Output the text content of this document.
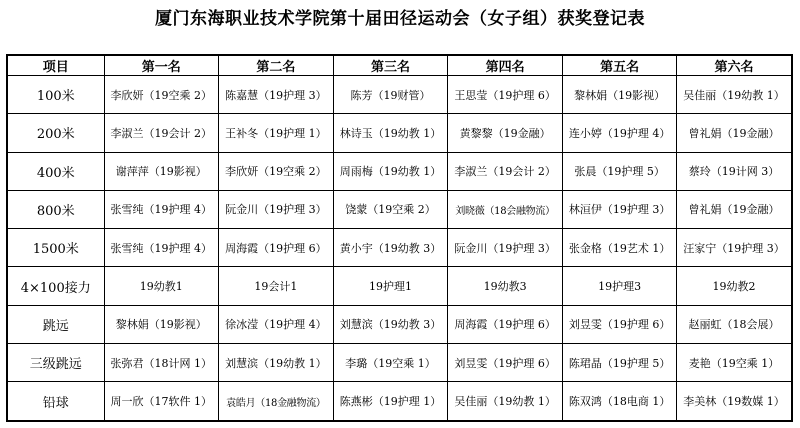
厦门东海职业技术学院第十届田径运动会（女子组）获奖登记表
项目	第一名	第二名	第三名	第四名	第五名	第六名
100米	李欣妍（19空乘 2）	陈嘉慧（19护理 3）	陈芳（19财管）	王思莹（19护理 6）	黎林娟（19影视）	吴佳丽（19幼教 1）
200米	李淑兰（19会计 2）	王补冬（19护理 1）	林诗玉（19幼教 1）	黄黎黎（19金融）	连小婷（19护理 4）	曾礼娟（19金融）
400米	谢萍萍（19影视）	李欣妍（19空乘 2）	周雨梅（19幼教 1）	李淑兰（19会计 2）	张晨（19护理 5）	蔡玲（19计网 3）
800米	张雪纯（19护理 4）	阮金川（19护理 3）	饶蒙（19空乘 2）	刘晓薇（18会融物流）	林洹伊（19护理 3）	曾礼娟（19金融）
1500米	张雪纯（19护理 4）	周海霞（19护理 6）	黄小宇（19幼教 3）	阮金川（19护理 3）	张金格（19艺术 1）	汪家宁（19护理 3）
4×100接力	19幼教1	19会计1	19护理1	19幼教3	19护理3	19幼教2
跳远	黎林娟（19影视）	徐冰滢（19护理 4）	刘慧滨（19幼教 3）	周海霞（19护理 6）	刘昱雯（19护理 6）	赵丽虹（18会展）
三级跳远	张弥君（18计网 1）	刘慧滨（19幼教 1）	李璐（19空乘 1）	刘昱雯（19护理 6）	陈珺晶（19护理 5）	麦艳（19空乘 1）
铅球	周一欣（17软件 1）	袁皓月（18金融物流）	陈燕彬（19护理 1）	吴佳丽（19幼教 1）	陈双鸿（18电商 1）	李美林（19数媒 1）
